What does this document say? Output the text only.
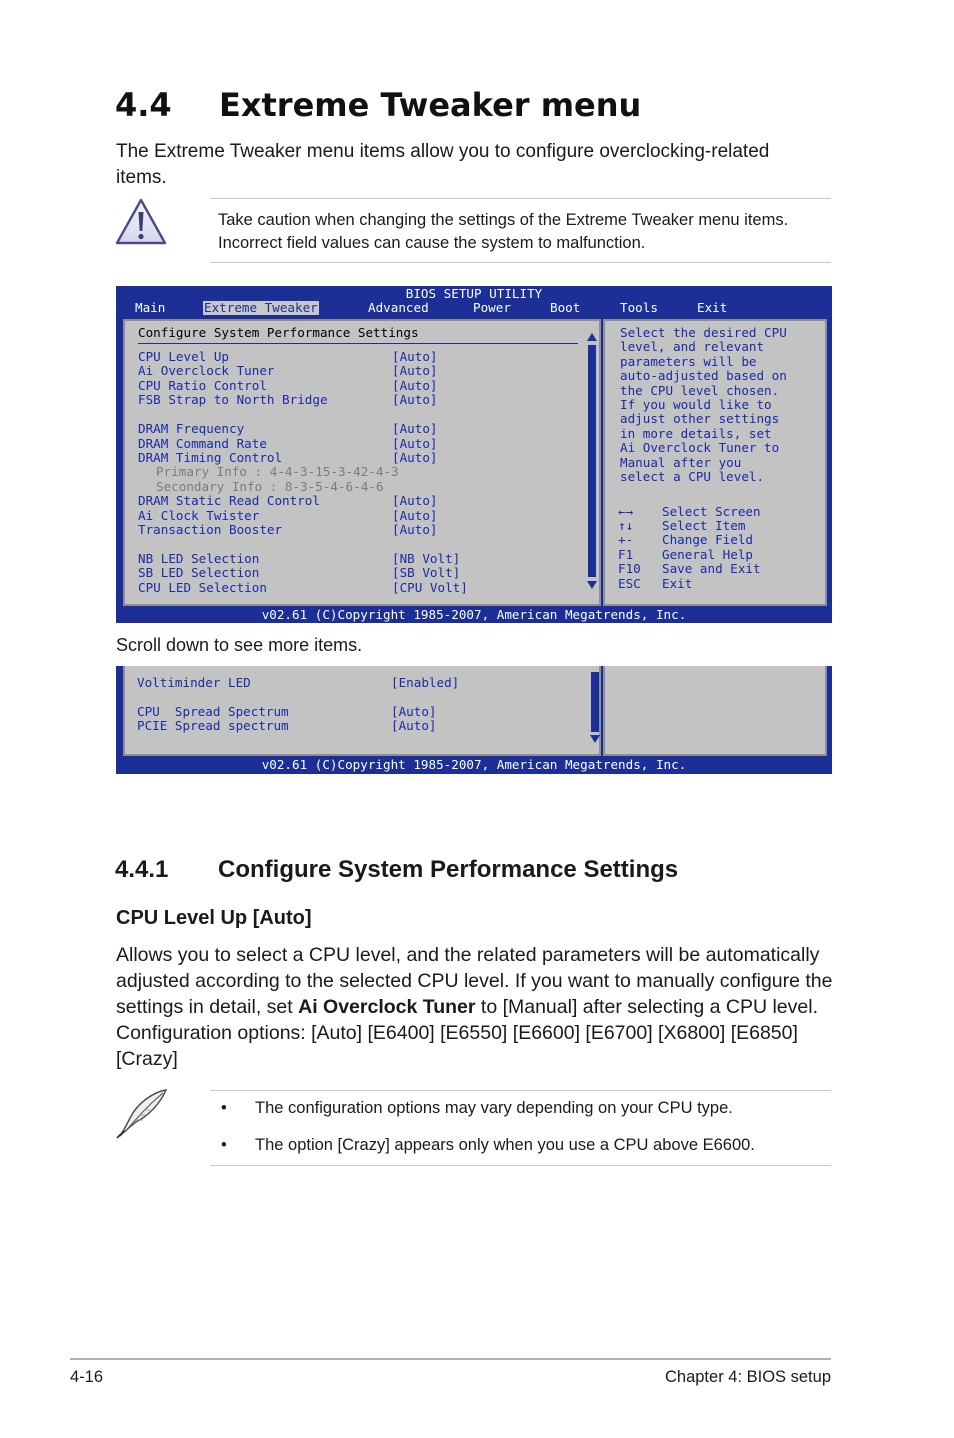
4.4 Extreme Tweaker menu
The Extreme Tweaker menu items allow you to configure overclocking-related items.
Take caution when changing the settings of the Extreme Tweaker menu items. Incorrect field values can cause the system to malfunction.
BIOS SETUP UTILITY
Main	Extreme Tweaker	Advanced	Power	Boot	Tools	Exit
Configure System Performance Settings
CPU Level Up	[Auto]
Ai Overclock Tuner	[Auto]
CPU Ratio Control	[Auto]
FSB Strap to North Bridge	[Auto]
DRAM Frequency	[Auto]
DRAM Command Rate	[Auto]
DRAM Timing Control	[Auto]
Primary Info : 4-4-3-15-3-42-4-3
Secondary Info : 8-3-5-4-6-4-6
DRAM Static Read Control	[Auto]
Ai Clock Twister	[Auto]
Transaction Booster	[Auto]
NB LED Selection	[NB Volt]
SB LED Selection	[SB Volt]
CPU LED Selection	[CPU Volt]
Select the desired CPU
level, and relevant
parameters will be
auto-adjusted based on
the CPU level chosen.
If you would like to
adjust other settings
in more details, set
Ai Overclock Tuner to
Manual after you
select a CPU level.
←→ Select Screen
↑↓ Select Item
+- Change Field
F1 General Help
F10 Save and Exit
ESC Exit
v02.61 (C)Copyright 1985-2007, American Megatrends, Inc.
Scroll down to see more items.
Voltiminder LED	[Enabled]
CPU  Spread Spectrum	[Auto]
PCIE Spread spectrum	[Auto]
v02.61 (C)Copyright 1985-2007, American Megatrends, Inc.
4.4.1 Configure System Performance Settings
CPU Level Up [Auto]
Allows you to select a CPU level, and the related parameters will be automatically adjusted according to the selected CPU level. If you want to manually configure the settings in detail, set Ai Overclock Tuner to [Manual] after selecting a CPU level. Configuration options: [Auto] [E6400] [E6550] [E6600] [E6700] [X6800] [E6850] [Crazy]
• The configuration options may vary depending on your CPU type.
• The option [Crazy] appears only when you use a CPU above E6600.
4-16	Chapter 4: BIOS setup
